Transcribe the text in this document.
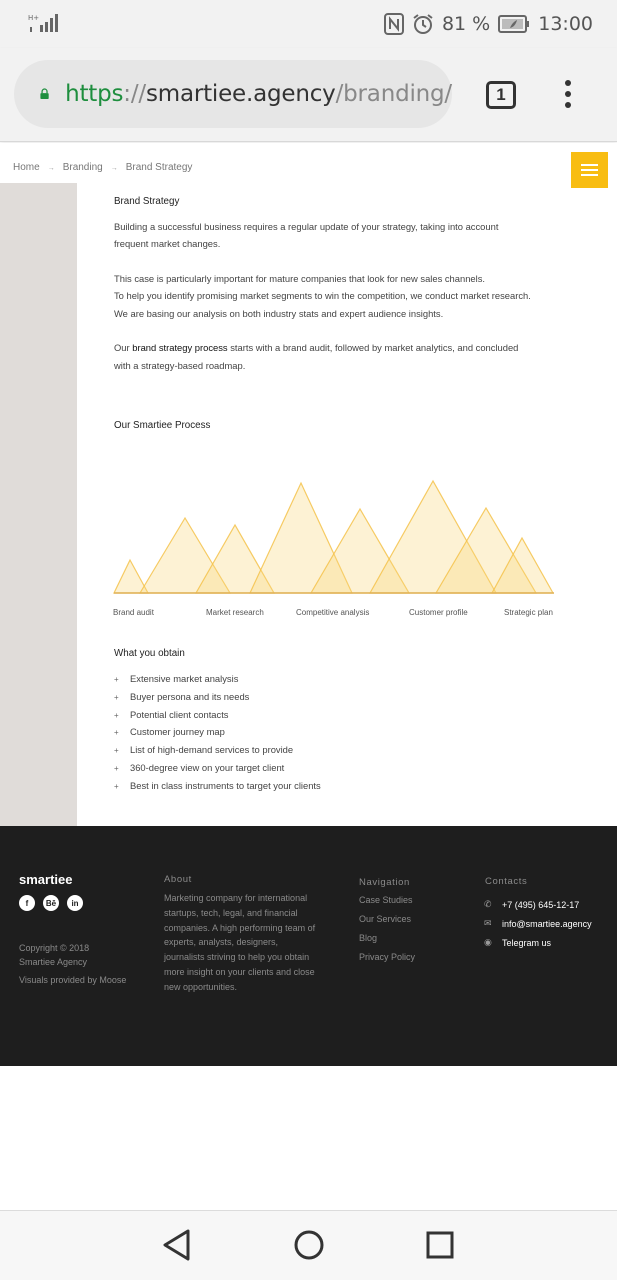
H+	81 %	13:00
https://smartiee.agency/branding/	1
Home → Branding → Brand Strategy
Brand Strategy

Building a successful business requires a regular update of your strategy, taking into account frequent market changes.

This case is particularly important for mature companies that look for new sales channels.
To help you identify promising market segments to win the competition, we conduct market research.
We are basing our analysis on both industry stats and expert audience insights.

Our brand strategy process starts with a brand audit, followed by market analytics, and concluded with a strategy-based roadmap.

Our Smartiee Process
Brand audit	Market research	Competitive analysis	Customer profile	Strategic plan
What you obtain
+ Extensive market analysis
+ Buyer persona and its needs
+ Potential client contacts
+ Customer journey map
+ List of high-demand services to provide
+ 360-degree view on your target client
+ Best in class instruments to target your clients
smartiee
f	Bē	in
Copyright © 2018
Smartiee Agency
Visuals provided by Moose
About
Marketing company for international startups, tech, legal, and financial companies. A high performing team of experts, analysts, designers, journalists striving to help you obtain more insight on your clients and close new opportunities.
Navigation
Case Studies
Our Services
Blog
Privacy Policy
Contacts
✆	+7 (495) 645-12-17
✉	info@smartiee.agency
◉	Telegram us
